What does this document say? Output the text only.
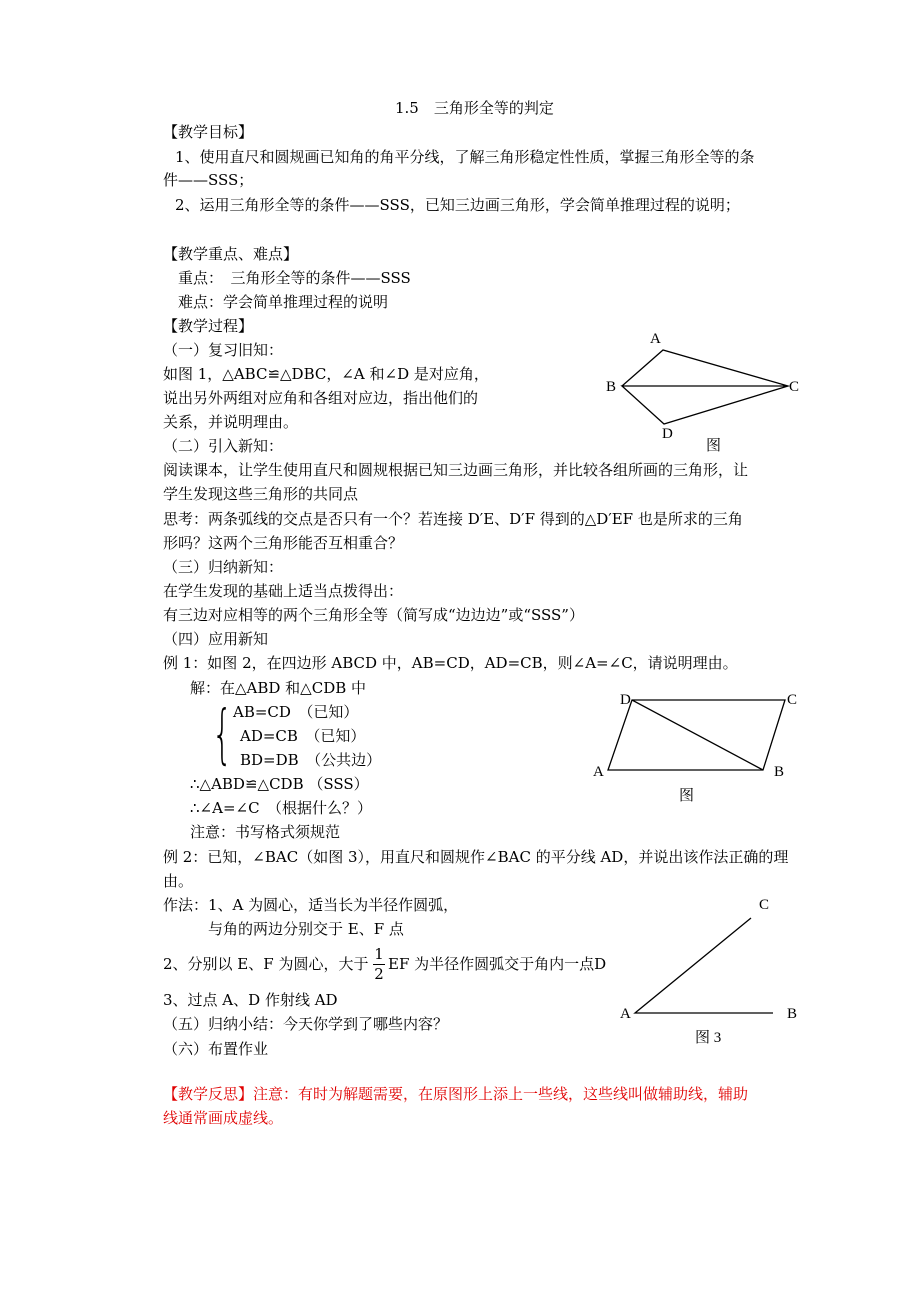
1.5　三角形全等的判定
【教学目标】
1、使用直尺和圆规画已知角的角平分线，了解三角形稳定性性质，掌握三角形全等的条
件——SSS；
2、运用三角形全等的条件——SSS，已知三边画三角形，学会简单推理过程的说明；
【教学重点、难点】
重点：　三角形全等的条件——SSS
难点：学会简单推理过程的说明
【教学过程】
（一）复习旧知：
如图 1，△ABC≌△DBC，∠A 和∠D 是对应角，
说出另外两组对应角和各组对应边，指出他们的
关系，并说明理由。
（二）引入新知：
阅读课本，让学生使用直尺和圆规根据已知三边画三角形，并比较各组所画的三角形，让
学生发现这些三角形的共同点
思考：两条弧线的交点是否只有一个？若连接 D′E、D′F 得到的△D′EF 也是所求的三角
形吗？这两个三角形能否互相重合？
（三）归纳新知：
在学生发现的基础上适当点拨得出：
有三边对应相等的两个三角形全等（简写成“边边边”或“SSS”）
（四）应用新知
例 1：如图 2，在四边形 ABCD 中，AB=CD，AD=CB，则∠A=∠C，请说明理由。
解：在△ABD 和△CDB 中
{ AB=CD　（已知）
AD=CB　（已知）
BD=DB　（公共边）
∴△ABD≌△CDB （SSS）
∴∠A=∠C　（根据什么？）
注意：书写格式须规范
例 2：已知，∠BAC（如图 3），用直尺和圆规作∠BAC 的平分线 AD，并说出该作法正确的理
由。
作法：1、A 为圆心，适当长为半径作圆弧，
与角的两边分别交于 E、F 点
2、分别以 E、F 为圆心，大于
1
2
EF 为半径作圆弧交于角内一点D
3、过点 A、D 作射线 AD
（五）归纳小结：今天你学到了哪些内容？
（六）布置作业
【教学反思】注意：有时为解题需要，在原图形上添上一些线，这些线叫做辅助线，辅助
线通常画成虚线。
A
B	C
D
图
D	C
A	B
图
C
A	B
图 3
